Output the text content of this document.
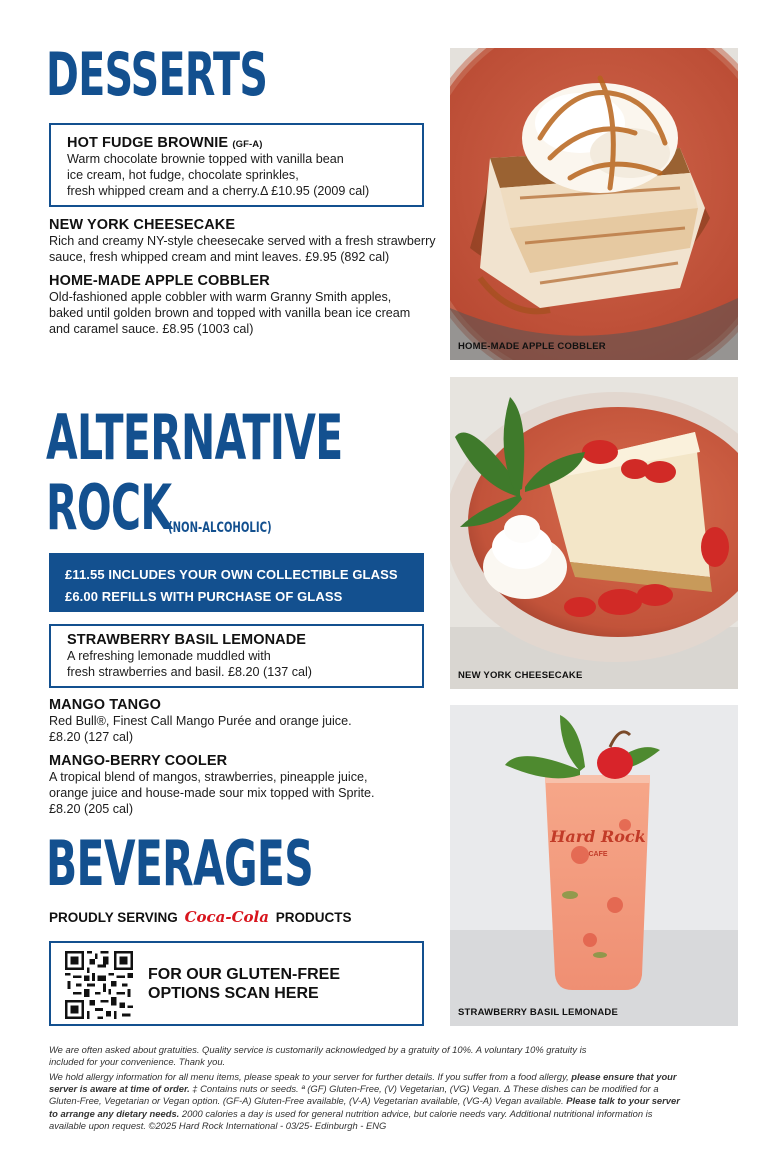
DESSERTS
HOT FUDGE BROWNIE (GF-A)
Warm chocolate brownie topped with vanilla bean
ice cream, hot fudge, chocolate sprinkles,
fresh whipped cream and a cherry.Δ £10.95 (2009 cal)
NEW YORK CHEESECAKE
Rich and creamy NY-style cheesecake served with a fresh strawberry
sauce, fresh whipped cream and mint leaves. £9.95 (892 cal)
HOME-MADE APPLE COBBLER
Old-fashioned apple cobbler with warm Granny Smith apples,
baked until golden brown and topped with vanilla bean ice cream
and caramel sauce. £8.95 (1003 cal)
ALTERNATIVE
ROCK
(NON-ALCOHOLIC)
£11.55 INCLUDES YOUR OWN COLLECTIBLE GLASS
£6.00 REFILLS WITH PURCHASE OF GLASS
STRAWBERRY BASIL LEMONADE
A refreshing lemonade muddled with
fresh strawberries and basil. £8.20 (137 cal)
MANGO TANGO
Red Bull®, Finest Call Mango Purée and orange juice.
£8.20 (127 cal)
MANGO-BERRY COOLER
A tropical blend of mangos, strawberries, pineapple juice,
orange juice and house-made sour mix topped with Sprite.
£8.20 (205 cal)
BEVERAGES
PROUDLY SERVING Coca-Cola PRODUCTS
FOR OUR GLUTEN-FREE
OPTIONS SCAN HERE
HOME-MADE APPLE COBBLER
NEW YORK CHEESECAKE
Hard Rock
CAFE
STRAWBERRY BASIL LEMONADE
We are often asked about gratuities. Quality service is customarily acknowledged by a gratuity of 10%. A voluntary 10% gratuity is included for your convenience. Thank you.
We hold allergy information for all menu items, please speak to your server for further details. If you suffer from a food allergy, please ensure that your server is aware at time of order. ‡ Contains nuts or seeds. ª (GF) Gluten-Free, (V) Vegetarian, (VG) Vegan. Δ These dishes can be modified for a Gluten-Free, Vegetarian or Vegan option. (GF-A) Gluten-Free available, (V-A) Vegetarian available, (VG-A) Vegan available. Please talk to your server to arrange any dietary needs. 2000 calories a day is used for general nutrition advice, but calorie needs vary. Additional nutritional information is available upon request. ©2025 Hard Rock International - 03/25- Edinburgh - ENG
